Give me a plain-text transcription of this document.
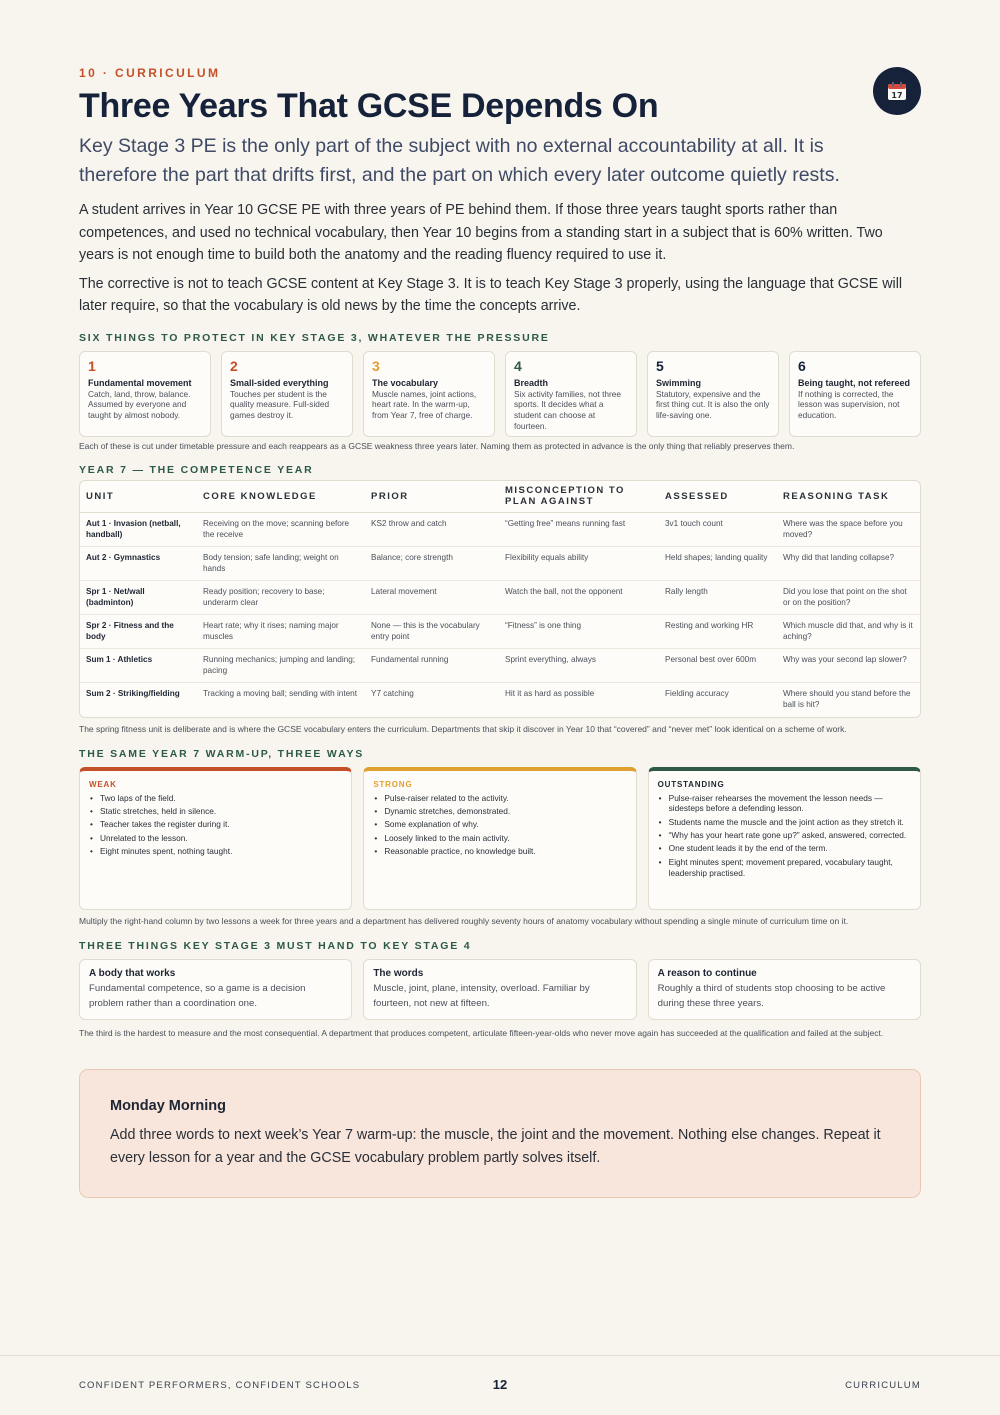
10 · CURRICULUM
Three Years That GCSE Depends On

Key Stage 3 PE is the only part of the subject with no external accountability at all. It is therefore the part that drifts first, and the part on which every later outcome quietly rests.

A student arrives in Year 10 GCSE PE with three years of PE behind them. If those three years taught sports rather than competences, and used no technical vocabulary, then Year 10 begins from a standing start in a subject that is 60% written. Two years is not enough time to build both the anatomy and the reading fluency required to use it.

The corrective is not to teach GCSE content at Key Stage 3. It is to teach Key Stage 3 properly, using the language that GCSE will later require, so that the vocabulary is old news by the time the concepts arrive.

SIX THINGS TO PROTECT IN KEY STAGE 3, WHATEVER THE PRESSURE
1
Fundamental movement
Catch, land, throw, balance. Assumed by everyone and taught by almost nobody.
2
Small-sided everything
Touches per student is the quality measure. Full-sided games destroy it.
3
The vocabulary
Muscle names, joint actions, heart rate. In the warm-up, from Year 7, free of charge.
4
Breadth
Six activity families, not three sports. It decides what a student can choose at fourteen.
5
Swimming
Statutory, expensive and the first thing cut. It is also the only life-saving one.
6
Being taught, not refereed
If nothing is corrected, the lesson was supervision, not education.
Each of these is cut under timetable pressure and each reappears as a GCSE weakness three years later. Naming them as protected in advance is the only thing that reliably preserves them.
YEAR 7 — THE COMPETENCE YEAR
UNIT	CORE KNOWLEDGE	PRIOR	MISCONCEPTION TO PLAN AGAINST	ASSESSED	REASONING TASK
Aut 1 · Invasion (netball, handball)	Receiving on the move; scanning before the receive	KS2 throw and catch	“Getting free” means running fast	3v1 touch count	Where was the space before you moved?
Aut 2 · Gymnastics	Body tension; safe landing; weight on hands	Balance; core strength	Flexibility equals ability	Held shapes; landing quality	Why did that landing collapse?
Spr 1 · Net/wall (badminton)	Ready position; recovery to base; underarm clear	Lateral movement	Watch the ball, not the opponent	Rally length	Did you lose that point on the shot or on the position?
Spr 2 · Fitness and the body	Heart rate; why it rises; naming major muscles	None — this is the vocabulary entry point	“Fitness” is one thing	Resting and working HR	Which muscle did that, and why is it aching?
Sum 1 · Athletics	Running mechanics; jumping and landing; pacing	Fundamental running	Sprint everything, always	Personal best over 600m	Why was your second lap slower?
Sum 2 · Striking/fielding	Tracking a moving ball; sending with intent	Y7 catching	Hit it as hard as possible	Fielding accuracy	Where should you stand before the ball is hit?
The spring fitness unit is deliberate and is where the GCSE vocabulary enters the curriculum. Departments that skip it discover in Year 10 that “covered” and “never met” look identical on a scheme of work.
THE SAME YEAR 7 WARM-UP, THREE WAYS
WEAK
• Two laps of the field.
• Static stretches, held in silence.
• Teacher takes the register during it.
• Unrelated to the lesson.
• Eight minutes spent, nothing taught.
STRONG
• Pulse-raiser related to the activity.
• Dynamic stretches, demonstrated.
• Some explanation of why.
• Loosely linked to the main activity.
• Reasonable practice, no knowledge built.
OUTSTANDING
• Pulse-raiser rehearses the movement the lesson needs — sidesteps before a defending lesson.
• Students name the muscle and the joint action as they stretch it.
• “Why has your heart rate gone up?” asked, answered, corrected.
• One student leads it by the end of the term.
• Eight minutes spent; movement prepared, vocabulary taught, leadership practised.
Multiply the right-hand column by two lessons a week for three years and a department has delivered roughly seventy hours of anatomy vocabulary without spending a single minute of curriculum time on it.
THREE THINGS KEY STAGE 3 MUST HAND TO KEY STAGE 4
A body that works
Fundamental competence, so a game is a decision problem rather than a coordination one.
The words
Muscle, joint, plane, intensity, overload. Familiar by fourteen, not new at fifteen.
A reason to continue
Roughly a third of students stop choosing to be active during these three years.
The third is the hardest to measure and the most consequential. A department that produces competent, articulate fifteen-year-olds who never move again has succeeded at the qualification and failed at the subject.
17
Monday Morning
Add three words to next week’s Year 7 warm-up: the muscle, the joint and the movement. Nothing else changes. Repeat it every lesson for a year and the GCSE vocabulary problem partly solves itself.
CONFIDENT PERFORMERS, CONFIDENT SCHOOLS	12	CURRICULUM
